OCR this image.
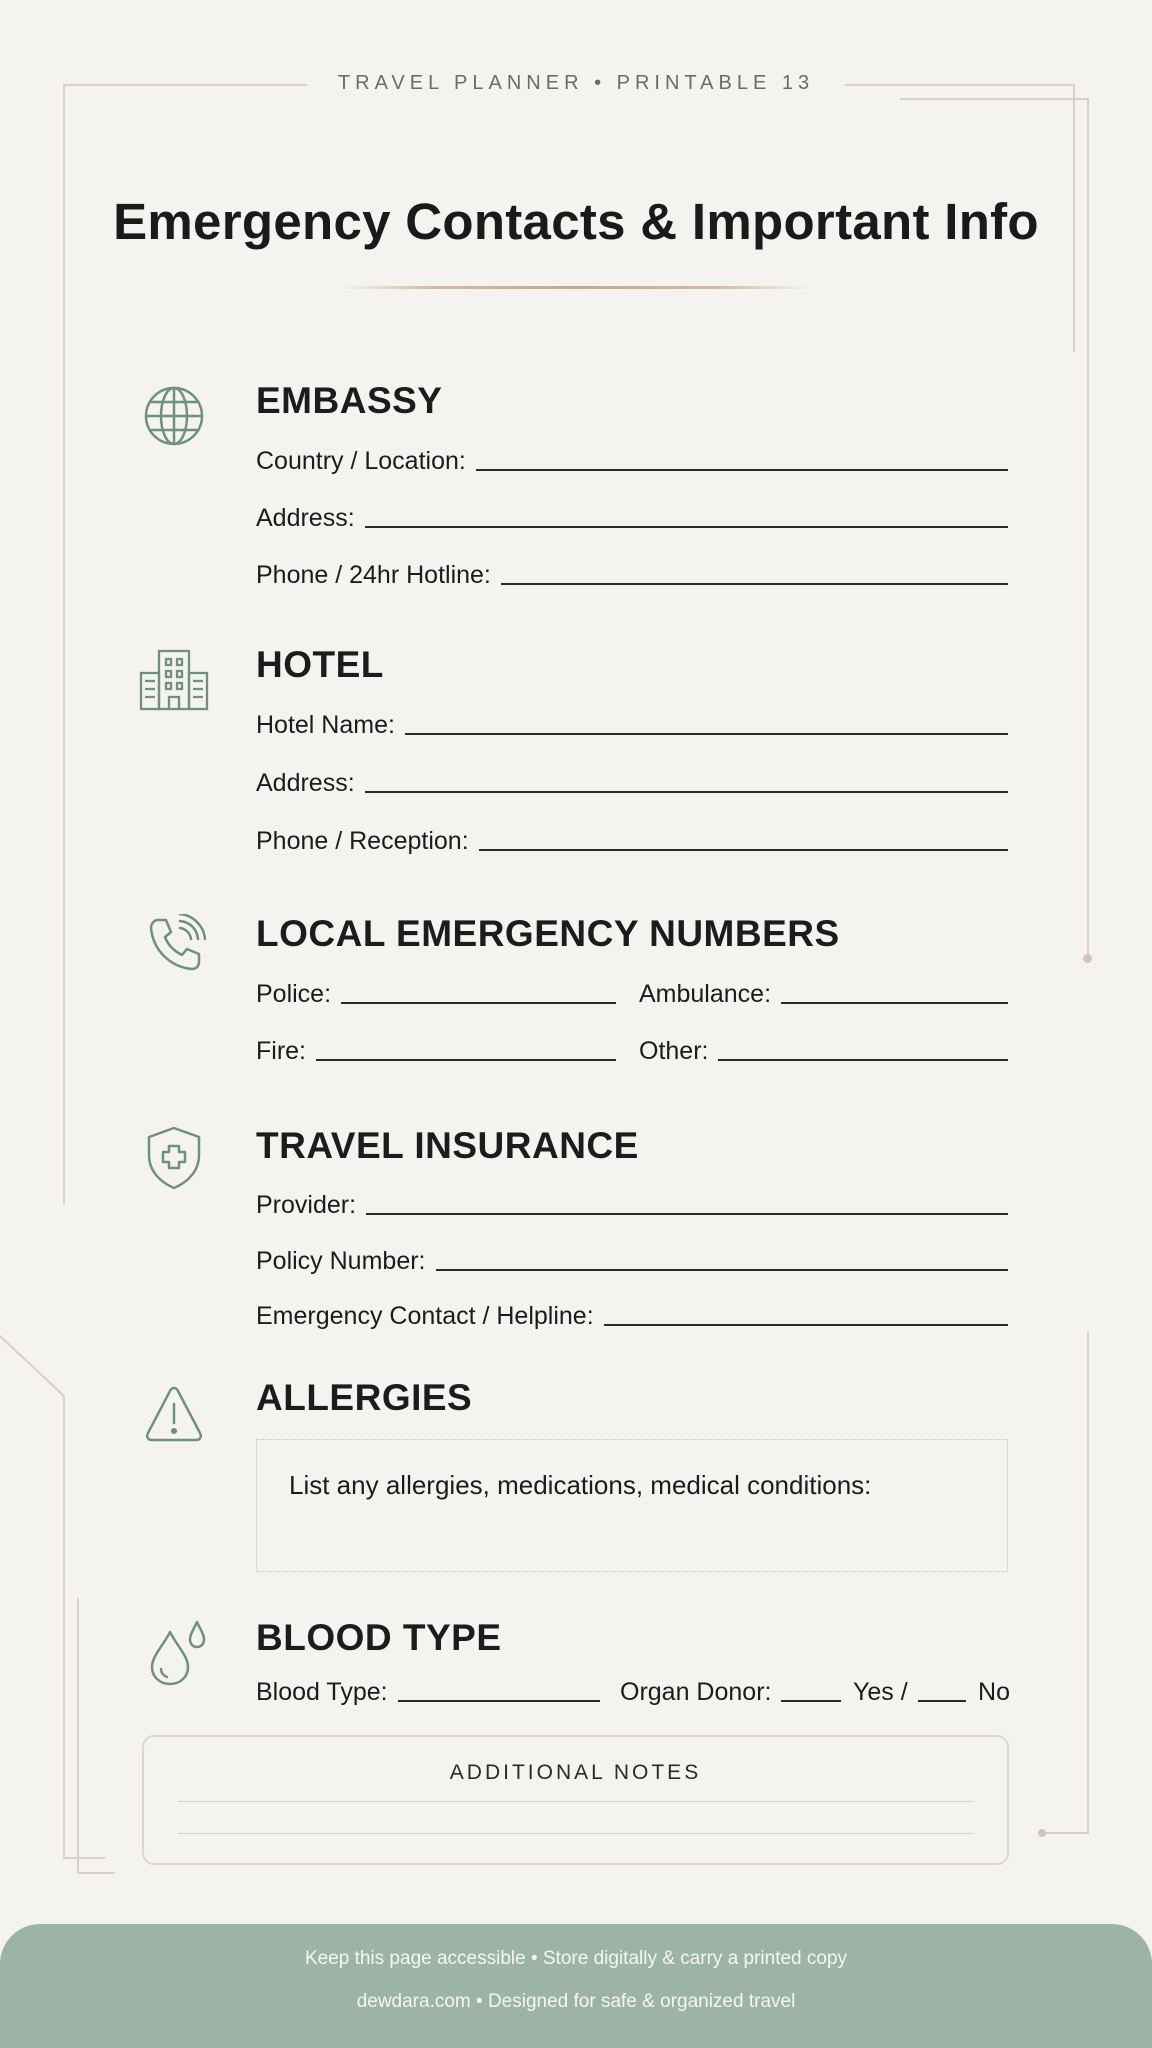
TRAVEL PLANNER • PRINTABLE 13
Emergency Contacts & Important Info
EMBASSY
Country / Location:
Address:
Phone / 24hr Hotline:
HOTEL
Hotel Name:
Address:
Phone / Reception:
LOCAL EMERGENCY NUMBERS
Police:	Ambulance:
Fire:	Other:
TRAVEL INSURANCE
Provider:
Policy Number:
Emergency Contact / Helpline:
ALLERGIES
List any allergies, medications, medical conditions:
BLOOD TYPE
Blood Type:	Organ Donor:	Yes /	No
ADDITIONAL NOTES
Keep this page accessible • Store digitally & carry a printed copy
dewdara.com • Designed for safe & organized travel
